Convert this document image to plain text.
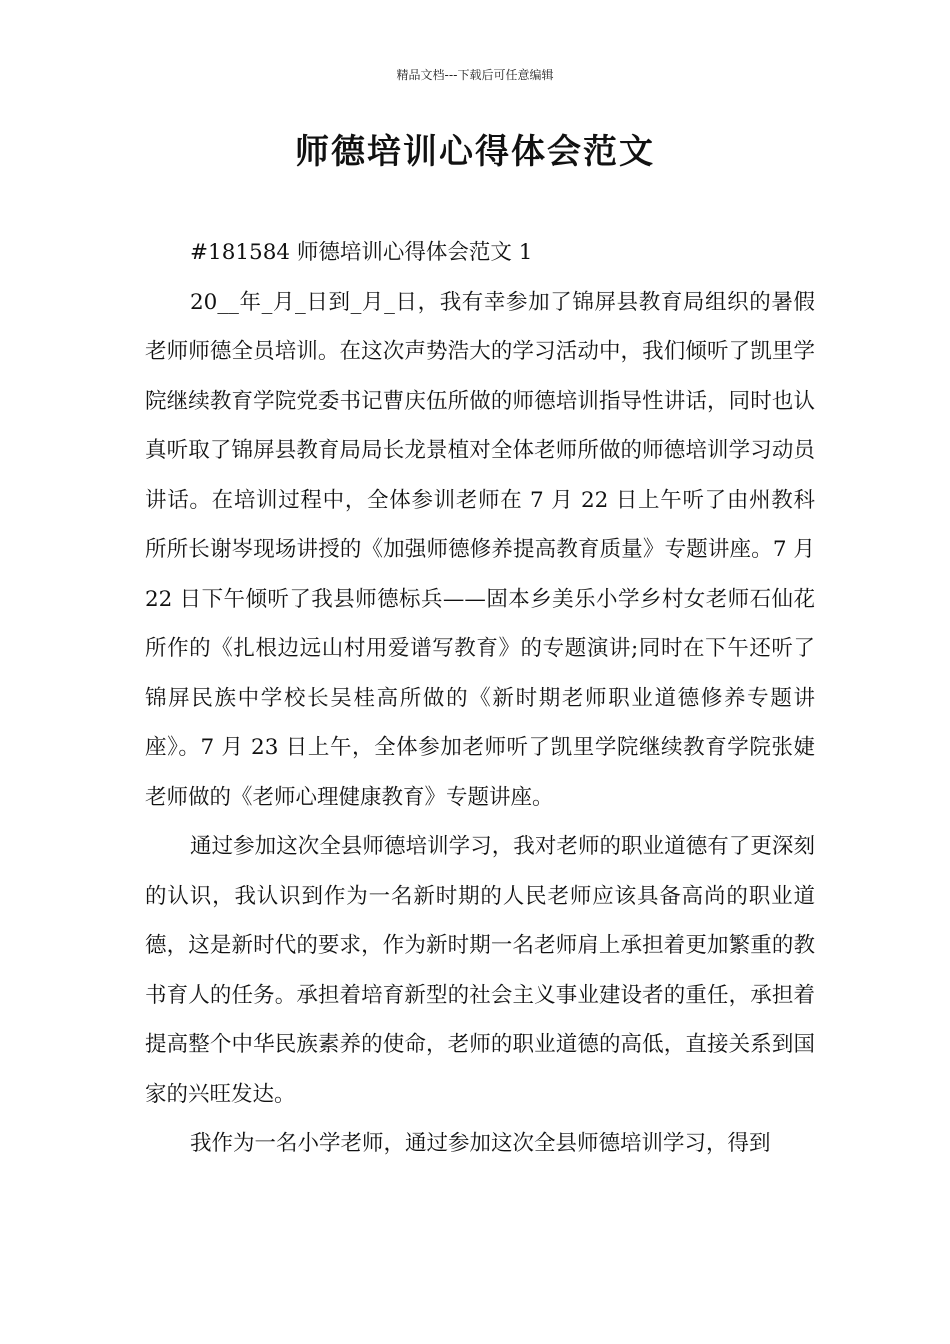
精品文档---下载后可任意编辑
师德培训心得体会范文

#181584 师德培训心得体会范文 1

20__年_月_日到_月_日，我有幸参加了锦屏县教育局组织的暑假老师师德全员培训。在这次声势浩大的学习活动中，我们倾听了凯里学院继续教育学院党委书记曹庆伍所做的师德培训指导性讲话，同时也认真听取了锦屏县教育局局长龙景植对全体老师所做的师德培训学习动员讲话。在培训过程中，全体参训老师在 7 月 22 日上午听了由州教科所所长谢岑现场讲授的《加强师德修养提高教育质量》专题讲座。7 月 22 日下午倾听了我县师德标兵——固本乡美乐小学乡村女老师石仙花所作的《扎根边远山村用爱谱写教育》的专题演讲;同时在下午还听了锦屏民族中学校长吴桂高所做的《新时期老师职业道德修养专题讲座》。7 月 23 日上午，全体参加老师听了凯里学院继续教育学院张婕老师做的《老师心理健康教育》专题讲座。

通过参加这次全县师德培训学习，我对老师的职业道德有了更深刻的认识，我认识到作为一名新时期的人民老师应该具备高尚的职业道德，这是新时代的要求，作为新时期一名老师肩上承担着更加繁重的教书育人的任务。承担着培育新型的社会主义事业建设者的重任，承担着提高整个中华民族素养的使命，老师的职业道德的高低，直接关系到国家的兴旺发达。

我作为一名小学老师，通过参加这次全县师德培训学习，得到
